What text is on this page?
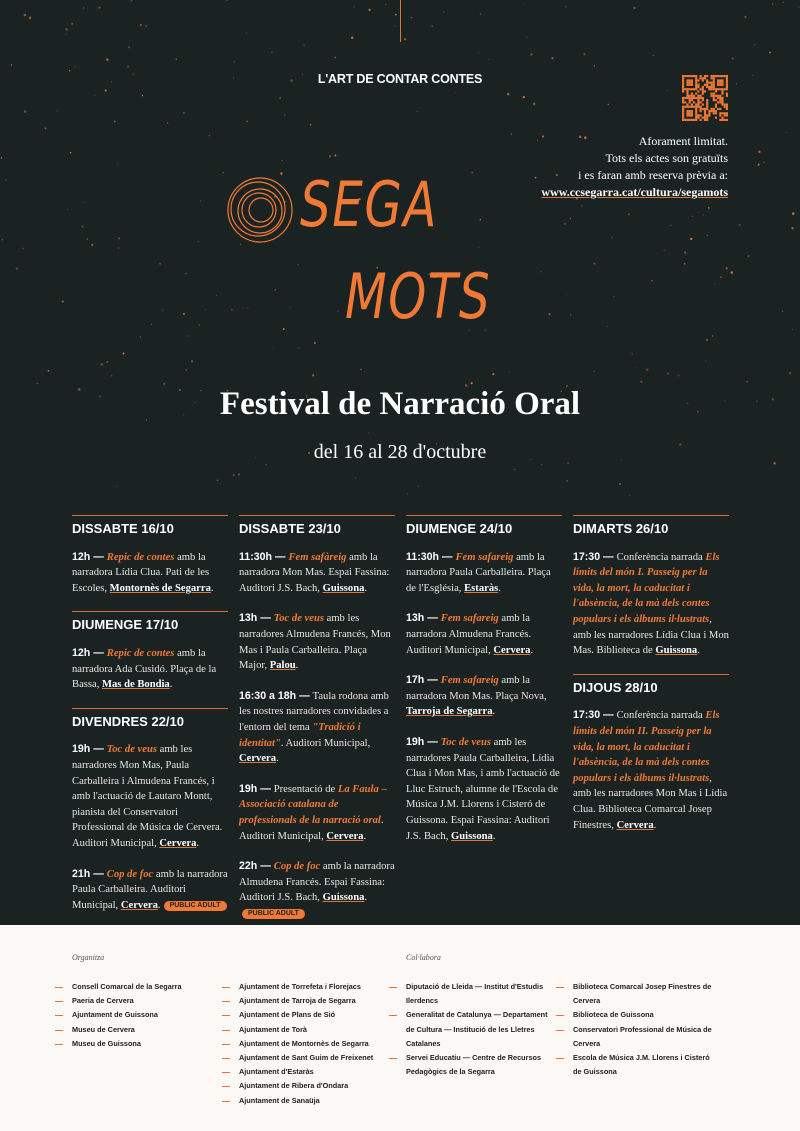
L'ART DE CONTAR CONTES
Aforament limitat.
Tots els actes son gratuïts
i es faran amb reserva prèvia a:
www.ccsegarra.cat/cultura/segamots
SEGA
MOTS
Festival de Narració Oral
del 16 al 28 d'octubre
DISSABTE 16/10

12h — Repic de contes amb la narradora Lídia Clua. Pati de les Escoles, Montornès de Segarra.

DIUMENGE 17/10

12h — Repic de contes amb la narradora Ada Cusidó. Plaça de la Bassa, Mas de Bondia.

DIVENDRES 22/10

19h — Toc de veus amb les narradores Mon Mas, Paula Carballeira i Almudena Francés, i amb l'actuació de Lautaro Montt, pianista del Conservatori Professional de Música de Cervera. Auditori Municipal, Cervera.

21h — Cop de foc amb la narradora Paula Carballeira. Auditori Municipal, Cervera. PÚBLIC ADULT

DISSABTE 23/10

11:30h — Fem safàreig amb la narradora Mon Mas. Espai Fassina: Auditori J.S. Bach, Guissona.

13h — Toc de veus amb les narradores Almudena Francés, Mon Mas i Paula Carballeira. Plaça Major, Palou.

16:30 a 18h — Taula rodona amb les nostres narradores convidades a l'entorn del tema "Tradició i identitat". Auditori Municipal, Cervera.

19h — Presentació de La Faula – Associació catalana de professionals de la narració oral. Auditori Municipal, Cervera.

22h — Cop de foc amb la narradora Almudena Francés. Espai Fassina: Auditori J.S. Bach, Guissona.PÚBLIC ADULT

DIUMENGE 24/10

11:30h — Fem safareig amb la narradora Paula Carballeira. Plaça de l'Església, Estaràs.

13h — Fem safareig amb la narradora Almudena Francés. Auditori Municipal, Cervera.

17h — Fem safareig amb la narradora Mon Mas. Plaça Nova, Tarroja de Segarra.

19h — Toc de veus amb les narradores Paula Carballeira, Lídia Clua i Mon Mas, i amb l'actuació de Lluc Estruch, alumne de l'Escola de Música J.M. Llorens i Cisteró de Guissona. Espai Fassina: Auditori J.S. Bach, Guissona.

DIMARTS 26/10

17:30 — Conferència narrada Els límits del món I. Passeig per la vida, la mort, la caducitat i l'absència, de la mà dels contes populars i els àlbums il·lustrats, amb les narradores Lídia Clua i Mon Mas. Biblioteca de Guissona.

DIJOUS 28/10

17:30 — Conferència narrada Els límits del món II. Passeig per la vida, la mort, la caducitat i l'absència, de la mà dels contes populars i els àlbums il·lustrats, amb les narradores Mon Mas i Lídia Clua. Biblioteca Comarcal Josep Finestres, Cervera.

Organitza	Col·labora
Consell Comarcal de la Segarra
Paeria de Cervera
Ajuntament de Guissona
Museu de Cervera
Museu de Guissona
Ajuntament de Torrefeta i Florejacs
Ajuntament de Tarroja de Segarra
Ajuntament de Plans de Sió
Ajuntament de Torà
Ajuntament de Montornès de Segarra
Ajuntament de Sant Guim de Freixenet
Ajuntament d'Estaràs
Ajuntament de Ribera d'Ondara
Ajuntament de Sanaüja
Diputació de Lleida — Institut d'Estudis Ilerdencs
Generalitat de Catalunya — Departament de Cultura — Institució de les Lletres Catalanes
Servei Educatiu — Centre de Recursos Pedagògics de la Segarra
Biblioteca Comarcal Josep Finestres de Cervera
Biblioteca de Guissona
Conservatori Professional de Música de Cervera
Escola de Música J.M. Llorens i Cisteró de Guissona
